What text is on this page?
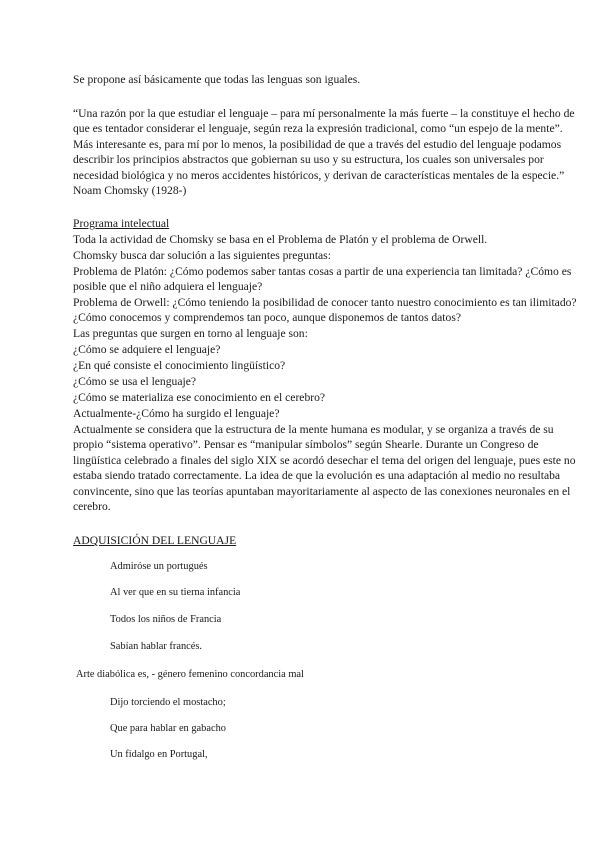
Se propone así básicamente que todas las lenguas son iguales.

“Una razón por la que estudiar el lenguaje – para mí personalmente la más fuerte – la constituye el hecho de que es tentador considerar el lenguaje, según reza la expresión tradicional, como “un espejo de la mente”. Más interesante es, para mí por lo menos, la posibilidad de que a través del estudio del lenguaje podamos describir los principios abstractos que gobiernan su uso y su estructura, los cuales son universales por necesidad biológica y no meros accidentes históricos, y derivan de características mentales de la especie.” Noam Chomsky (1928-)

Programa intelectual

Toda la actividad de Chomsky se basa en el Problema de Platón y el problema de Orwell.

Chomsky busca dar solución a las siguientes preguntas:

Problema de Platón: ¿Cómo podemos saber tantas cosas a partir de una experiencia tan limitada? ¿Cómo es posible que el niño adquiera el lenguaje?

Problema de Orwell: ¿Cómo teniendo la posibilidad de conocer tanto nuestro conocimiento es tan ilimitado? ¿Cómo conocemos y comprendemos tan poco, aunque disponemos de tantos datos?

Las preguntas que surgen en torno al lenguaje son:

¿Cómo se adquiere el lenguaje?

¿En qué consiste el conocimiento lingüístico?

¿Cómo se usa el lenguaje?

¿Cómo se materializa ese conocimiento en el cerebro?

Actualmente-¿Cómo ha surgido el lenguaje?

Actualmente se considera que la estructura de la mente humana es modular, y se organiza a través de su propio “sistema operativo”. Pensar es “manipular símbolos” según Shearle. Durante un Congreso de lingüística celebrado a finales del siglo XIX se acordó desechar el tema del origen del lenguaje, pues este no estaba siendo tratado correctamente. La idea de que la evolución es una adaptación al medio no resultaba convincente, sino que las teorías apuntaban mayoritariamente al aspecto de las conexiones neuronales en el cerebro.

ADQUISICIÓN DEL LENGUAJE

Admiróse un portugués
Al ver que en su tierna infancia
Todos los niños de Francia
Sabían hablar francés.
Arte diabólica es, - género femenino concordancia mal
Dijo torciendo el mostacho;
Que para hablar en gabacho
Un fidalgo en Portugal,
